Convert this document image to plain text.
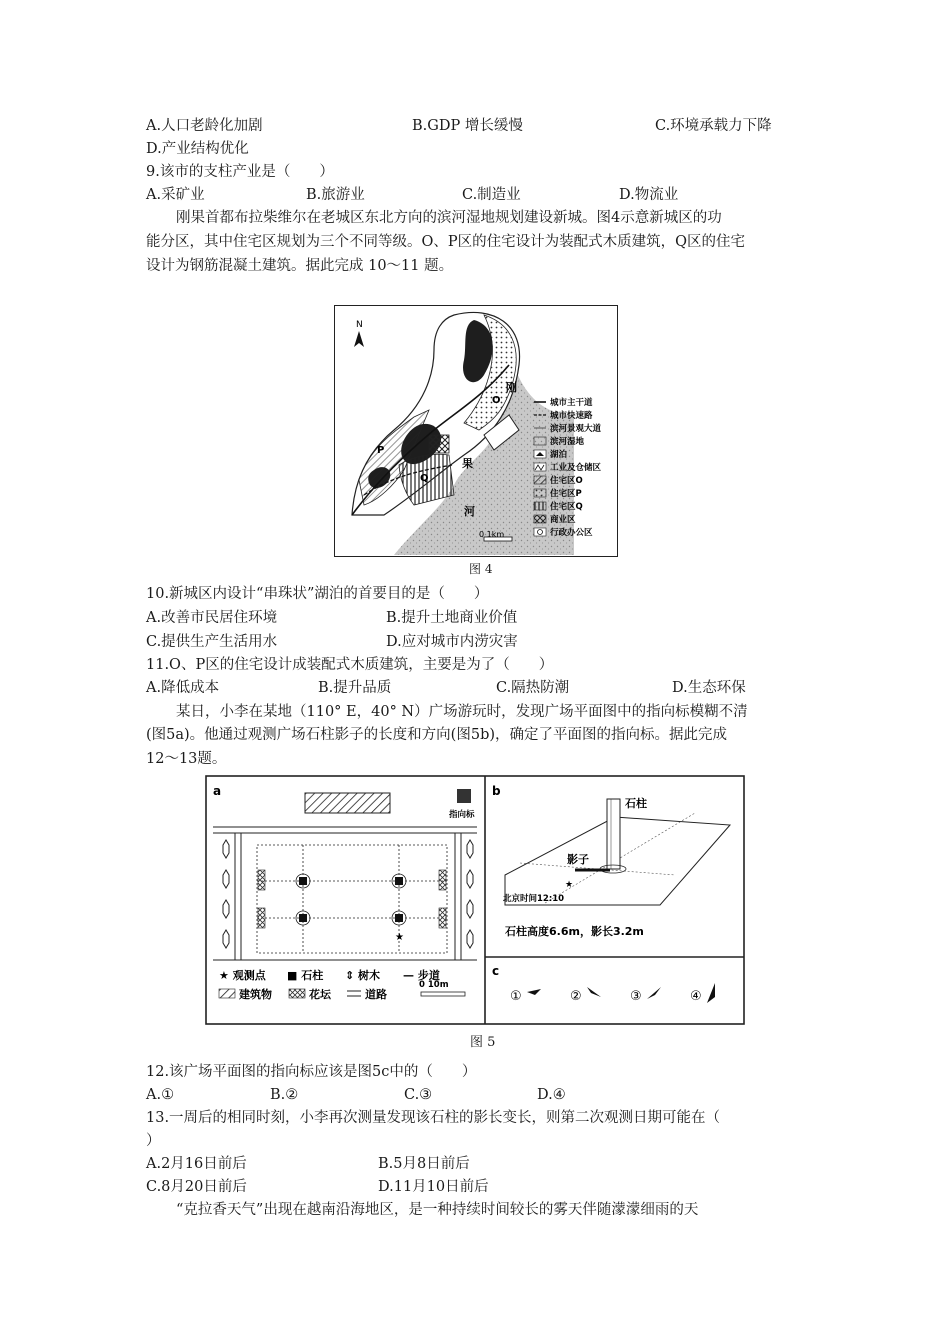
A.人口老龄化加剧	B.GDP 增长缓慢	C.环境承载力下降
D.产业结构优化
9.该市的支柱产业是（　　）
A.采矿业	B.旅游业	C.制造业	D.物流业
刚果首都布拉柴维尔在老城区东北方向的滨河湿地规划建设新城。图4示意新城区的功
能分区，其中住宅区规划为三个不同等级。O、P区的住宅设计为装配式木质建筑，Q区的住宅
设计为钢筋混凝土建筑。据此完成 10～11 题。
P
O
Q
刚
果
河
N
0 1km
城市主干道
城市快速路
滨河景观大道
滨河湿地
湖泊
工业及仓储区
住宅区O
住宅区P
住宅区Q
商业区
行政办公区
图 4
10.新城区内设计“串珠状”湖泊的首要目的是（　　）
A.改善市民居住环境	B.提升土地商业价值
C.提供生产生活用水	D.应对城市内涝灾害
11.O、P区的住宅设计成装配式木质建筑，主要是为了（　　）
A.降低成本	B.提升品质	C.隔热防潮	D.生态环保
某日，小李在某地（110° E，40° N）广场游玩时，发现广场平面图中的指向标模糊不清
(图5a)。他通过观测广场石柱影子的长度和方向(图5b)，确定了平面图的指向标。据此完成
12～13题。
a
指向标
★
★ 观测点 ■ 石柱 ⇕ 树木 — 步道
建筑物	花坛	道路
0 10m
b
石柱
影子
★
北京时间12:10
石柱高度6.6m，影长3.2m
c
①	②	③	④
图 5
12.该广场平面图的指向标应该是图5c中的（　　）
A.①	B.②	C.③	D.④
13.一周后的相同时刻，小李再次测量发现该石柱的影长变长，则第二次观测日期可能在（
）
A.2月16日前后	B.5月8日前后
C.8月20日前后	D.11月10日前后
“克拉香天气”出现在越南沿海地区，是一种持续时间较长的雾天伴随濛濛细雨的天
